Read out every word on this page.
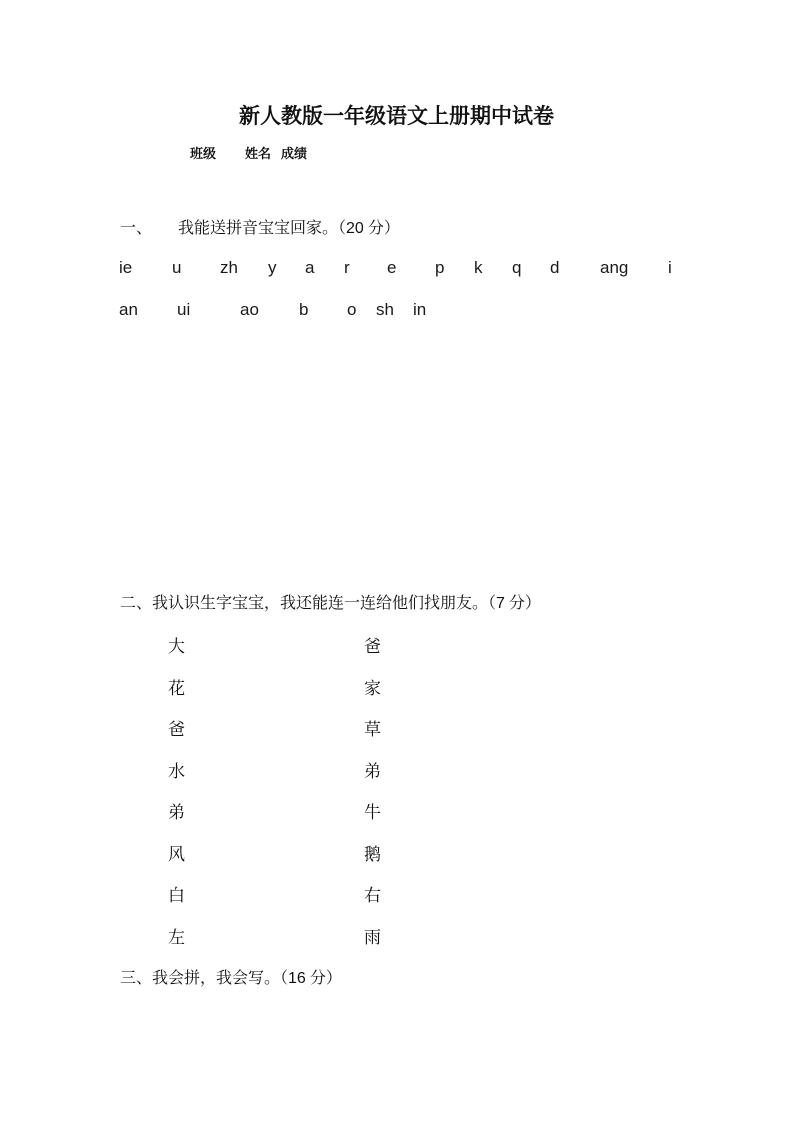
新人教版一年级语文上册期中试卷
班级 姓名 成绩
一、 我能送拼音宝宝回家。（20 分）
ie u zh y a r e p k q d ang i
an ui	ao b o sh in
二、我认识生字宝宝，我还能连一连给他们找朋友。（7 分）
大
花
爸
水
弟
风
白
左
爸
家
草
弟
牛
鹅
右
雨
三、我会拼，我会写。（16 分）
